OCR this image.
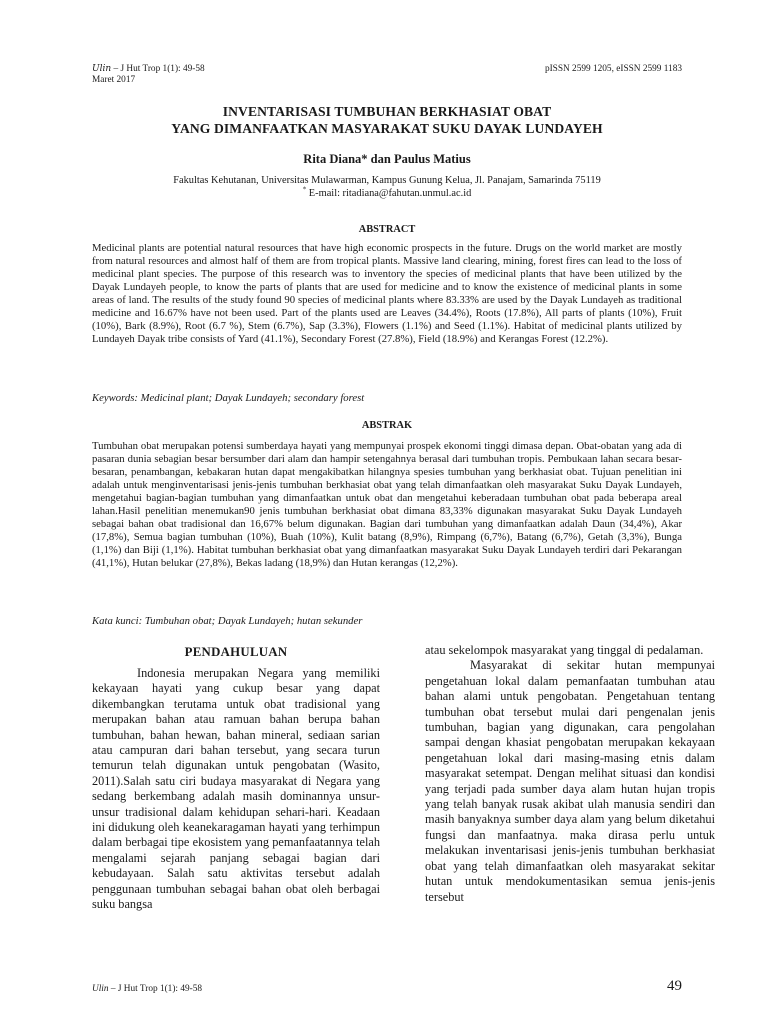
Ulin – J Hut Trop 1(1): 49-58
Maret 2017
pISSN 2599 1205, eISSN 2599 1183
INVENTARISASI TUMBUHAN BERKHASIAT OBAT
YANG DIMANFAATKAN MASYARAKAT SUKU DAYAK LUNDAYEH
Rita Diana* dan Paulus Matius
Fakultas Kehutanan, Universitas Mulawarman, Kampus Gunung Kelua, Jl. Panajam, Samarinda 75119
* E-mail: ritadiana@fahutan.unmul.ac.id
ABSTRACT
Medicinal plants are potential natural resources that have high economic prospects in the future. Drugs on the world market are mostly from natural resources and almost half of them are from tropical plants. Massive land clearing, mining, forest fires can lead to the loss of medicinal plant species. The purpose of this research was to inventory the species of medicinal plants that have been utilized by the Dayak Lundayeh people, to know the parts of plants that are used for medicine and to know the existence of medicinal plants in some areas of land. The results of the study found 90 species of medicinal plants where 83.33% are used by the Dayak Lundayeh as traditional medicine and 16.67% have not been used. Part of the plants used are Leaves (34.4%), Roots (17.8%), All parts of plants (10%), Fruit (10%), Bark (8.9%), Root (6.7 %), Stem (6.7%), Sap (3.3%), Flowers (1.1%) and Seed (1.1%). Habitat of medicinal plants utilized by Lundayeh Dayak tribe consists of Yard (41.1%), Secondary Forest (27.8%), Field (18.9%) and Kerangas Forest (12.2%).
Keywords: Medicinal plant; Dayak Lundayeh; secondary forest
ABSTRAK
Tumbuhan obat merupakan potensi sumberdaya hayati yang mempunyai prospek ekonomi tinggi dimasa depan. Obat-obatan yang ada di pasaran dunia sebagian besar bersumber dari alam dan hampir setengahnya berasal dari tumbuhan tropis. Pembukaan lahan secara besar-besaran, penambangan, kebakaran hutan dapat mengakibatkan hilangnya spesies tumbuhan yang berkhasiat obat. Tujuan penelitian ini adalah untuk menginventarisasi jenis-jenis tumbuhan berkhasiat obat yang telah dimanfaatkan oleh masyarakat Suku Dayak Lundayeh, mengetahui bagian-bagian tumbuhan yang dimanfaatkan untuk obat dan mengetahui keberadaan tumbuhan obat pada beberapa areal lahan.Hasil penelitian menemukan90 jenis tumbuhan berkhasiat obat dimana 83,33% digunakan masyarakat Suku Dayak Lundayeh sebagai bahan obat tradisional dan 16,67% belum digunakan. Bagian dari tumbuhan yang dimanfaatkan adalah Daun (34,4%), Akar (17,8%), Semua bagian tumbuhan (10%), Buah (10%), Kulit batang (8,9%), Rimpang (6,7%), Batang (6,7%), Getah (3,3%), Bunga (1,1%) dan Biji (1,1%). Habitat tumbuhan berkhasiat obat yang dimanfaatkan masyarakat Suku Dayak Lundayeh terdiri dari Pekarangan (41,1%), Hutan belukar (27,8%), Bekas ladang (18,9%) dan Hutan kerangas (12,2%).
Kata kunci: Tumbuhan obat; Dayak Lundayeh; hutan sekunder
PENDAHULUAN

Indonesia merupakan Negara yang memiliki kekayaan hayati yang cukup besar yang dapat dikembangkan terutama untuk obat tradisional yang merupakan bahan atau ramuan bahan berupa bahan tumbuhan, bahan hewan, bahan mineral, sediaan sarian atau campuran dari bahan tersebut, yang secara turun temurun telah digunakan untuk pengobatan (Wasito, 2011).Salah satu ciri budaya masyarakat di Negara yang sedang berkembang adalah masih dominannya unsur-unsur tradisional dalam kehidupan sehari-hari. Keadaan ini didukung oleh keanekaragaman hayati yang terhimpun dalam berbagai tipe ekosistem yang pemanfaatannya telah mengalami sejarah panjang sebagai bagian dari kebudayaan. Salah satu aktivitas tersebut adalah penggunaan tumbuhan sebagai bahan obat oleh berbagai suku bangsa

atau sekelompok masyarakat yang tinggal di pedalaman.

Masyarakat di sekitar hutan mempunyai pengetahuan lokal dalam pemanfaatan tumbuhan atau bahan alami untuk pengobatan. Pengetahuan tentang tumbuhan obat tersebut mulai dari pengenalan jenis tumbuhan, bagian yang digunakan, cara pengolahan sampai dengan khasiat pengobatan merupakan kekayaan pengetahuan lokal dari masing-masing etnis dalam masyarakat setempat. Dengan melihat situasi dan kondisi yang terjadi pada sumber daya alam hutan hujan tropis yang telah banyak rusak akibat ulah manusia sendiri dan masih banyaknya sumber daya alam yang belum diketahui fungsi dan manfaatnya. maka dirasa perlu untuk melakukan inventarisasi jenis-jenis tumbuhan berkhasiat obat yang telah dimanfaatkan oleh masyarakat sekitar hutan untuk mendokumentasikan semua jenis-jenis tersebut

Ulin – J Hut Trop 1(1): 49-58	49
